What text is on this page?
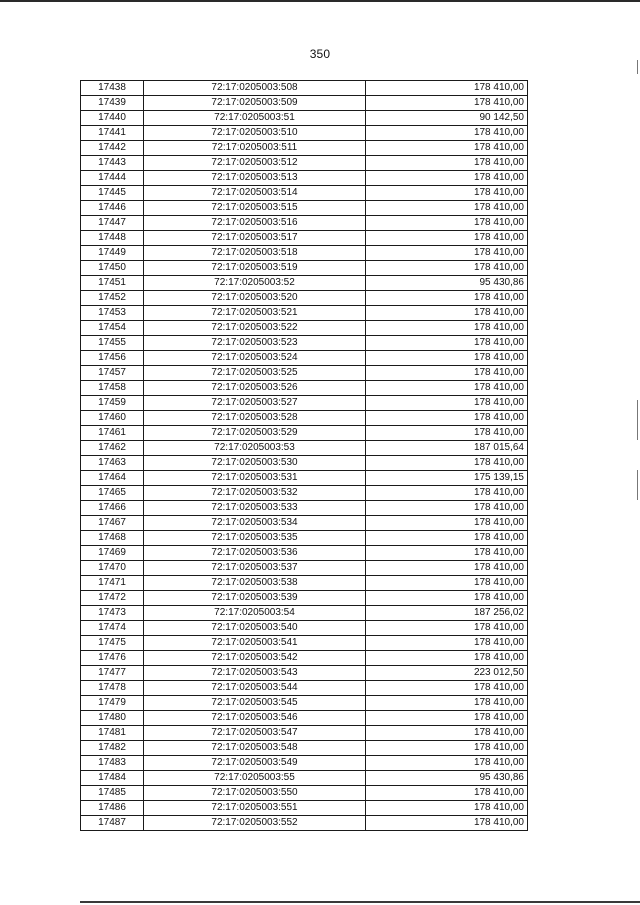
350
17438	72:17:0205003:508	178 410,00
17439	72:17:0205003:509	178 410,00
17440	72:17:0205003:51	90 142,50
17441	72:17:0205003:510	178 410,00
17442	72:17:0205003:511	178 410,00
17443	72:17:0205003:512	178 410,00
17444	72:17:0205003:513	178 410,00
17445	72:17:0205003:514	178 410,00
17446	72:17:0205003:515	178 410,00
17447	72:17:0205003:516	178 410,00
17448	72:17:0205003:517	178 410,00
17449	72:17:0205003:518	178 410,00
17450	72:17:0205003:519	178 410,00
17451	72:17:0205003:52	95 430,86
17452	72:17:0205003:520	178 410,00
17453	72:17:0205003:521	178 410,00
17454	72:17:0205003:522	178 410,00
17455	72:17:0205003:523	178 410,00
17456	72:17:0205003:524	178 410,00
17457	72:17:0205003:525	178 410,00
17458	72:17:0205003:526	178 410,00
17459	72:17:0205003:527	178 410,00
17460	72:17:0205003:528	178 410,00
17461	72:17:0205003:529	178 410,00
17462	72:17:0205003:53	187 015,64
17463	72:17:0205003:530	178 410,00
17464	72:17:0205003:531	175 139,15
17465	72:17:0205003:532	178 410,00
17466	72:17:0205003:533	178 410,00
17467	72:17:0205003:534	178 410,00
17468	72:17:0205003:535	178 410,00
17469	72:17:0205003:536	178 410,00
17470	72:17:0205003:537	178 410,00
17471	72:17:0205003:538	178 410,00
17472	72:17:0205003:539	178 410,00
17473	72:17:0205003:54	187 256,02
17474	72:17:0205003:540	178 410,00
17475	72:17:0205003:541	178 410,00
17476	72:17:0205003:542	178 410,00
17477	72:17:0205003:543	223 012,50
17478	72:17:0205003:544	178 410,00
17479	72:17:0205003:545	178 410,00
17480	72:17:0205003:546	178 410,00
17481	72:17:0205003:547	178 410,00
17482	72:17:0205003:548	178 410,00
17483	72:17:0205003:549	178 410,00
17484	72:17:0205003:55	95 430,86
17485	72:17:0205003:550	178 410,00
17486	72:17:0205003:551	178 410,00
17487	72:17:0205003:552	178 410,00
